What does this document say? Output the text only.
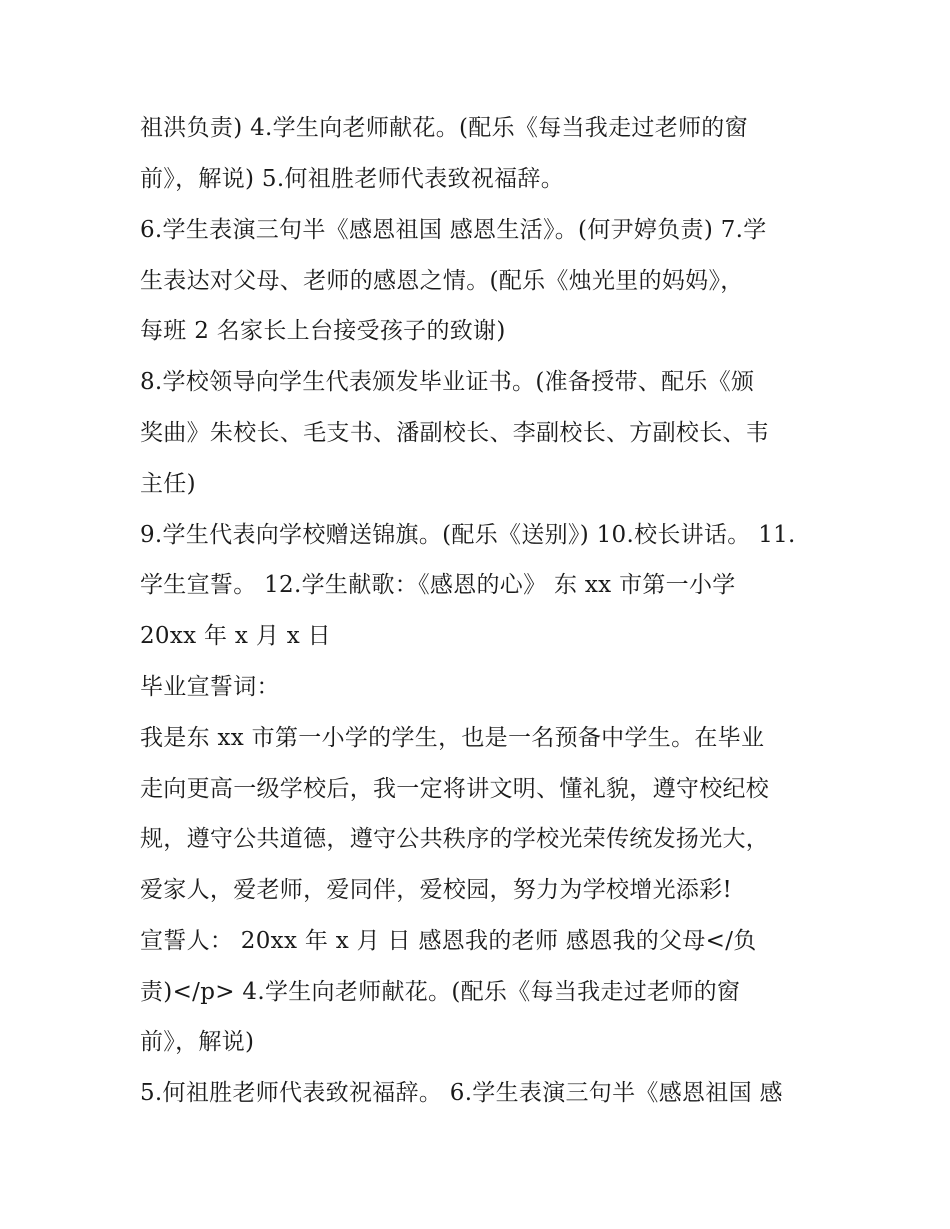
祖洪负责) 4.学生向老师献花。(配乐《每当我走过老师的窗
前》，解说) 5.何祖胜老师代表致祝福辞。
6.学生表演三句半《感恩祖国 感恩生活》。(何尹婷负责) 7.学
生表达对父母、老师的感恩之情。(配乐《烛光里的妈妈》，
每班 2 名家长上台接受孩子的致谢)
8.学校领导向学生代表颁发毕业证书。(准备授带、配乐《颁
奖曲》朱校长、毛支书、潘副校长、李副校长、方副校长、韦
主任)
9.学生代表向学校赠送锦旗。(配乐《送别》) 10.校长讲话。 11.
学生宣誓。 12.学生献歌：《感恩的心》 东 xx 市第一小学
20xx 年 x 月 x 日
毕业宣誓词：
我是东 xx 市第一小学的学生，也是一名预备中学生。在毕业
走向更高一级学校后，我一定将讲文明、懂礼貌，遵守校纪校
规，遵守公共道德，遵守公共秩序的学校光荣传统发扬光大，
爱家人，爱老师，爱同伴，爱校园，努力为学校增光添彩!
宣誓人： 20xx 年 x 月 日 感恩我的老师 感恩我的父母</负
责)</p> 4.学生向老师献花。(配乐《每当我走过老师的窗
前》，解说)
5.何祖胜老师代表致祝福辞。 6.学生表演三句半《感恩祖国 感
